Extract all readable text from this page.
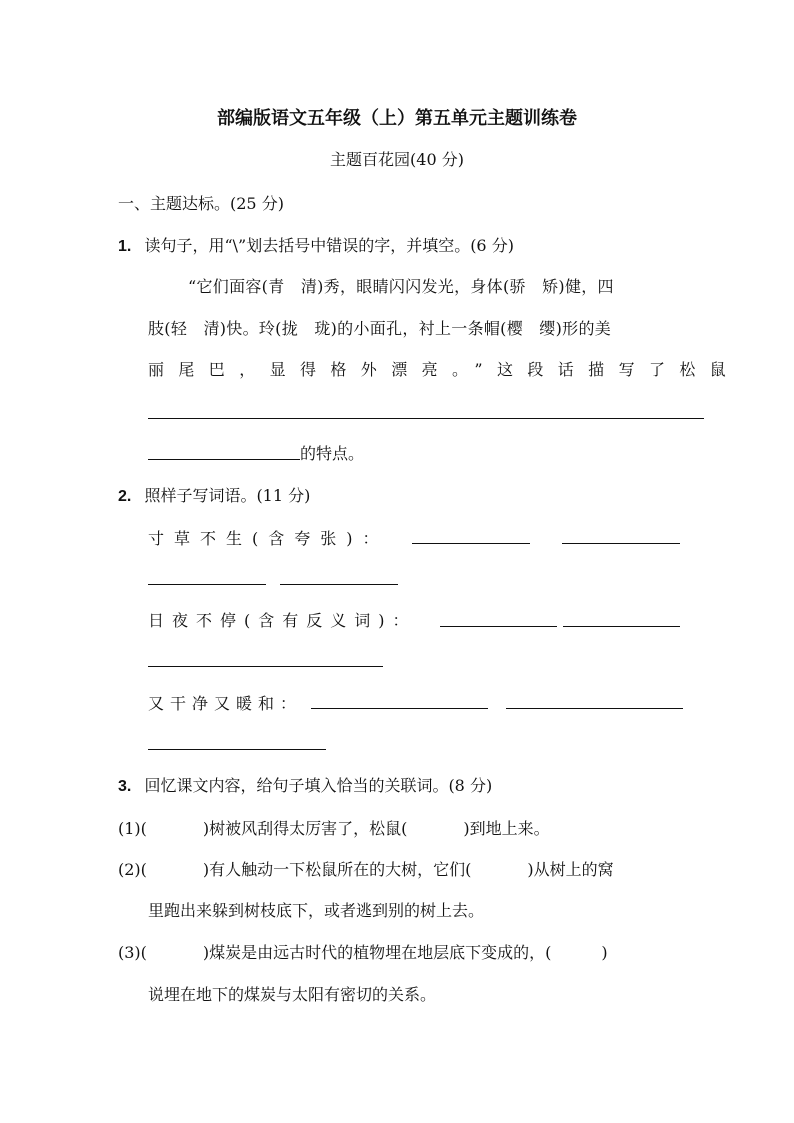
部编版语文五年级（上）第五单元主题训练卷
主题百花园(40 分)
一、主题达标。(25 分)
1. 读句子，用“\”划去括号中错误的字，并填空。(6 分)
“它们面容(青　清)秀，眼睛闪闪发光，身体(骄　矫)健，四
肢(轻　清)快。玲(拢　珑)的小面孔，衬上一条帽(樱　缨)形的美
丽尾巴，显得格外漂亮。”这段话描写了松鼠
的特点。
2. 照样子写词语。(11 分)
寸草不生(含夸张)：
日夜不停(含有反义词)：
又干净又暖和：
3. 回忆课文内容，给句子填入恰当的关联词。(8 分)
(1)(	)树被风刮得太厉害了，松鼠(	)到地上来。
(2)(	)有人触动一下松鼠所在的大树，它们(	)从树上的窝
里跑出来躲到树枝底下，或者逃到别的树上去。
(3)(	)煤炭是由远古时代的植物埋在地层底下变成的，(	)
说埋在地下的煤炭与太阳有密切的关系。
